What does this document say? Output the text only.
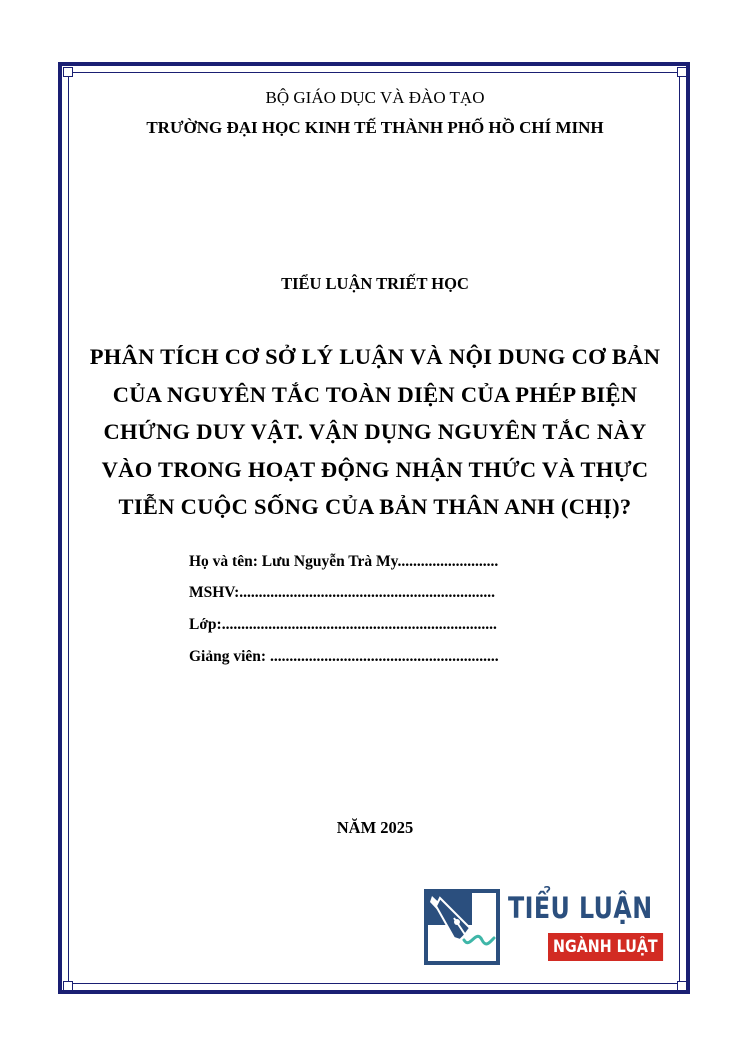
BỘ GIÁO DỤC VÀ ĐÀO TẠO
TRƯỜNG ĐẠI HỌC KINH TẾ THÀNH PHỐ HỒ CHÍ MINH
TIỂU LUẬN TRIẾT HỌC
PHÂN TÍCH CƠ SỞ LÝ LUẬN VÀ NỘI DUNG CƠ BẢN
CỦA NGUYÊN TẮC TOÀN DIỆN CỦA PHÉP BIỆN
CHỨNG DUY VẬT. VẬN DỤNG NGUYÊN TẮC NÀY
VÀO TRONG HOẠT ĐỘNG NHẬN THỨC VÀ THỰC
TIỄN CUỘC SỐNG CỦA BẢN THÂN ANH (CHỊ)?
Họ và tên: Lưu Nguyễn Trà My..........................
MSHV:..................................................................
Lớp:.......................................................................
Giảng viên: ...........................................................
NĂM 2025
TIỂU LUẬN
NGÀNH LUẬT
